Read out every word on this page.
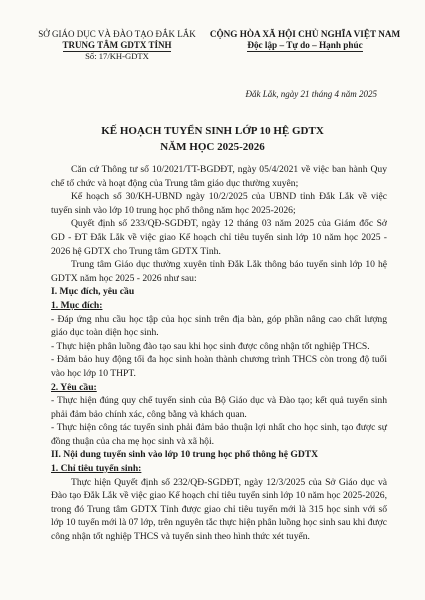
SỞ GIÁO DỤC VÀ ĐÀO TẠO ĐẮK LẮK
TRUNG TÂM GDTX TỈNH
Số: 17/KH-GDTX
CỘNG HÒA XÃ HỘI CHỦ NGHĨA VIỆT NAM
Độc lập – Tự do – Hạnh phúc
Đắk Lắk, ngày 21 tháng 4 năm 2025
KẾ HOẠCH TUYỂN SINH LỚP 10 HỆ GDTX
NĂM HỌC 2025-2026

Căn cứ Thông tư số 10/2021/TT-BGDĐT, ngày 05/4/2021 về việc ban hành Quy chế tổ chức và hoạt động của Trung tâm giáo dục thường xuyên;

Kế hoạch số 30/KH-UBND ngày 10/2/2025 của UBND tỉnh Đắk Lắk về việc tuyển sinh vào lớp 10 trung học phổ thông năm học 2025-2026;

Quyết định số 233/QĐ-SGDĐT, ngày 12 tháng 03 năm 2025 của Giám đốc Sở GD - ĐT Đắk Lắk về việc giao Kế hoạch chỉ tiêu tuyển sinh lớp 10 năm học 2025 - 2026 hệ GDTX cho Trung tâm GDTX Tỉnh.

Trung tâm Giáo dục thường xuyên tỉnh Đắk Lắk thông báo tuyển sinh lớp 10 hệ GDTX năm học 2025 - 2026 như sau:

I. Mục đích, yêu cầu

1. Mục đích:

- Đáp ứng nhu cầu học tập của học sinh trên địa bàn, góp phần nâng cao chất lượng giáo dục toàn diện học sinh.

- Thực hiện phân luồng đào tạo sau khi học sinh được công nhận tốt nghiệp THCS.

- Đảm bảo huy động tối đa học sinh hoàn thành chương trình THCS còn trong độ tuổi vào học lớp 10 THPT.

2. Yêu cầu:

- Thực hiện đúng quy chế tuyển sinh của Bộ Giáo dục và Đào tạo; kết quả tuyển sinh phải đảm bảo chính xác, công bằng và khách quan.

- Thực hiện công tác tuyển sinh phải đảm bảo thuận lợi nhất cho học sinh, tạo được sự đồng thuận của cha mẹ học sinh và xã hội.

II. Nội dung tuyển sinh vào lớp 10 trung học phổ thông hệ GDTX

1. Chỉ tiêu tuyển sinh:

Thực hiện Quyết định số 232/QĐ-SGDĐT, ngày 12/3/2025 của Sở Giáo dục và Đào tạo Đắk Lắk về việc giao Kế hoạch chỉ tiêu tuyển sinh lớp 10 năm học 2025-2026, trong đó Trung tâm GDTX Tỉnh được giao chỉ tiêu tuyển mới là 315 học sinh với số lớp 10 tuyển mới là 07 lớp, trên nguyên tắc thực hiện phân luồng học sinh sau khi được công nhận tốt nghiệp THCS và tuyển sinh theo hình thức xét tuyển.
